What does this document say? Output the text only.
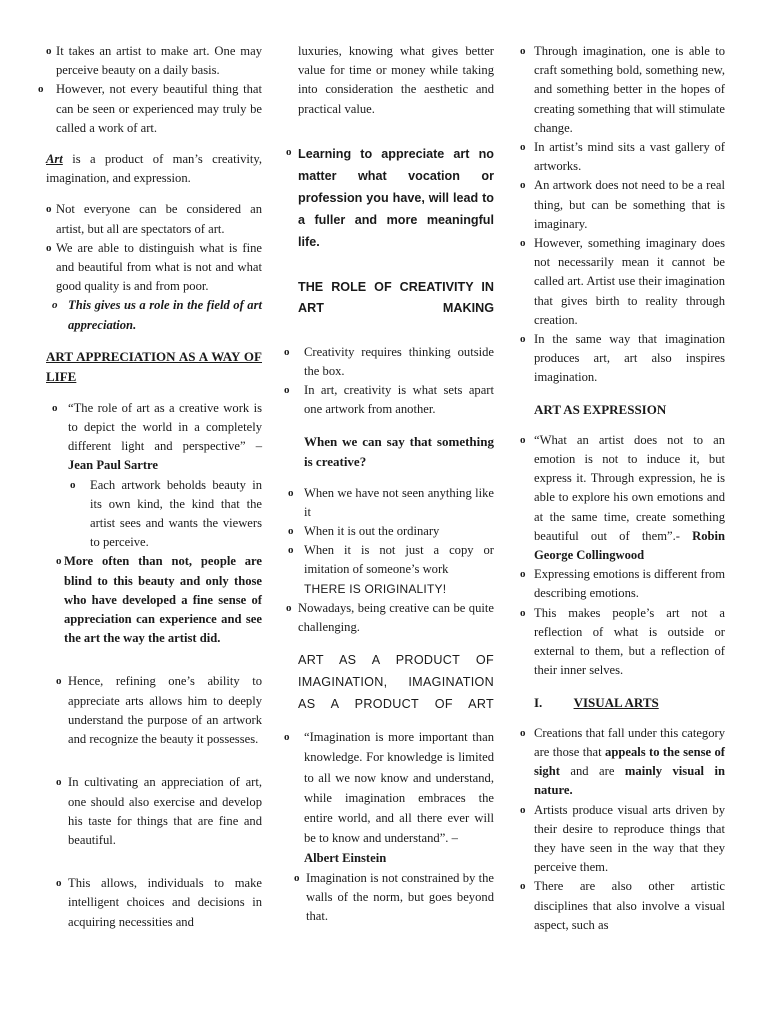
o It takes an artist to make art. One may perceive beauty on a daily basis.
o However, not every beautiful thing that can be seen or experienced may truly be called a work of art.
Art is a product of man’s creativity, imagination, and expression.
o Not everyone can be considered an artist, but all are spectators of art.
o We are able to distinguish what is fine and beautiful from what is not and what good quality is and from poor.
o This gives us a role in the field of art appreciation.
ART APPRECIATION AS A WAY OF LIFE
o “The role of art as a creative work is to depict the world in a completely different light and perspective” – Jean Paul Sartre
o Each artwork beholds beauty in its own kind, the kind that the artist sees and wants the viewers to perceive.
o More often than not, people are blind to this beauty and only those who have developed a fine sense of appreciation can experience and see the art the way the artist did.
o Hence, refining one’s ability to appreciate arts allows him to deeply understand the purpose of an artwork and recognize the beauty it possesses.
o In cultivating an appreciation of art, one should also exercise and develop his taste for things that are fine and beautiful.
o This allows, individuals to make intelligent choices and decisions in acquiring necessities and
luxuries, knowing what gives better value for time or money while taking into consideration the aesthetic and practical value.
o Learning to appreciate art no matter what vocation or profession you have, will lead to a fuller and more meaningful life.
THE ROLE OF CREATIVITY IN ART MAKING
o Creativity requires thinking outside the box.
o In art, creativity is what sets apart one artwork from another.
When we can say that something is creative?
o When we have not seen anything like it
o When it is out the ordinary
o When it is not just a copy or imitation of someone’s work
THERE IS ORIGINALITY!
o Nowadays, being creative can be quite challenging.
ART AS A PRODUCT OF IMAGINATION, IMAGINATION AS A PRODUCT OF ART
o “Imagination is more important than knowledge. For knowledge is limited to all we now know and understand, while imagination embraces the entire world, and all there ever will be to know and understand”. –
Albert Einstein
o Imagination is not constrained by the walls of the norm, but goes beyond that.
o Through imagination, one is able to craft something bold, something new, and something better in the hopes of creating something that will stimulate change.
o In artist’s mind sits a vast gallery of artworks.
o An artwork does not need to be a real thing, but can be something that is imaginary.
o However, something imaginary does not necessarily mean it cannot be called art. Artist use their imagination that gives birth to reality through creation.
o In the same way that imagination produces art, art also inspires imagination.
ART AS EXPRESSION
o “What an artist does not to an emotion is not to induce it, but express it. Through expression, he is able to explore his own emotions and at the same time, create something beautiful out of them”.- Robin George Collingwood
o Expressing emotions is different from describing emotions.
o This makes people’s art not a reflection of what is outside or external to them, but a reflection of their inner selves.
I. VISUAL ARTS
o Creations that fall under this category are those that appeals to the sense of sight and are mainly visual in nature.
o Artists produce visual arts driven by their desire to reproduce things that they have seen in the way that they perceive them.
o There are also other artistic disciplines that also involve a visual aspect, such as
